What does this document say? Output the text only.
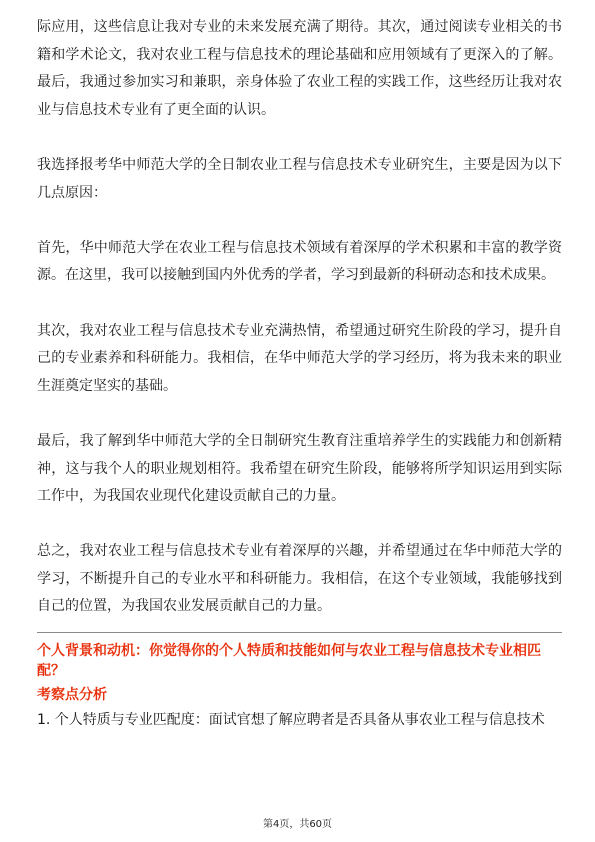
际应用，这些信息让我对专业的未来发展充满了期待。其次，通过阅读专业相关的书籍和学术论文，我对农业工程与信息技术的理论基础和应用领域有了更深入的了解。最后，我通过参加实习和兼职，亲身体验了农业工程的实践工作，这些经历让我对农业与信息技术专业有了更全面的认识。

我选择报考华中师范大学的全日制农业工程与信息技术专业研究生，主要是因为以下几点原因：

首先，华中师范大学在农业工程与信息技术领域有着深厚的学术积累和丰富的教学资源。在这里，我可以接触到国内外优秀的学者，学习到最新的科研动态和技术成果。

其次，我对农业工程与信息技术专业充满热情，希望通过研究生阶段的学习，提升自己的专业素养和科研能力。我相信，在华中师范大学的学习经历，将为我未来的职业生涯奠定坚实的基础。

最后，我了解到华中师范大学的全日制研究生教育注重培养学生的实践能力和创新精神，这与我个人的职业规划相符。我希望在研究生阶段，能够将所学知识运用到实际工作中，为我国农业现代化建设贡献自己的力量。

总之，我对农业工程与信息技术专业有着深厚的兴趣，并希望通过在华中师范大学的学习，不断提升自己的专业水平和科研能力。我相信，在这个专业领域，我能够找到自己的位置，为我国农业发展贡献自己的力量。

个人背景和动机：你觉得你的个人特质和技能如何与农业工程与信息技术专业相匹配？

考察点分析

1. 个人特质与专业匹配度：面试官想了解应聘者是否具备从事农业工程与信息技术

第4页，共60页
